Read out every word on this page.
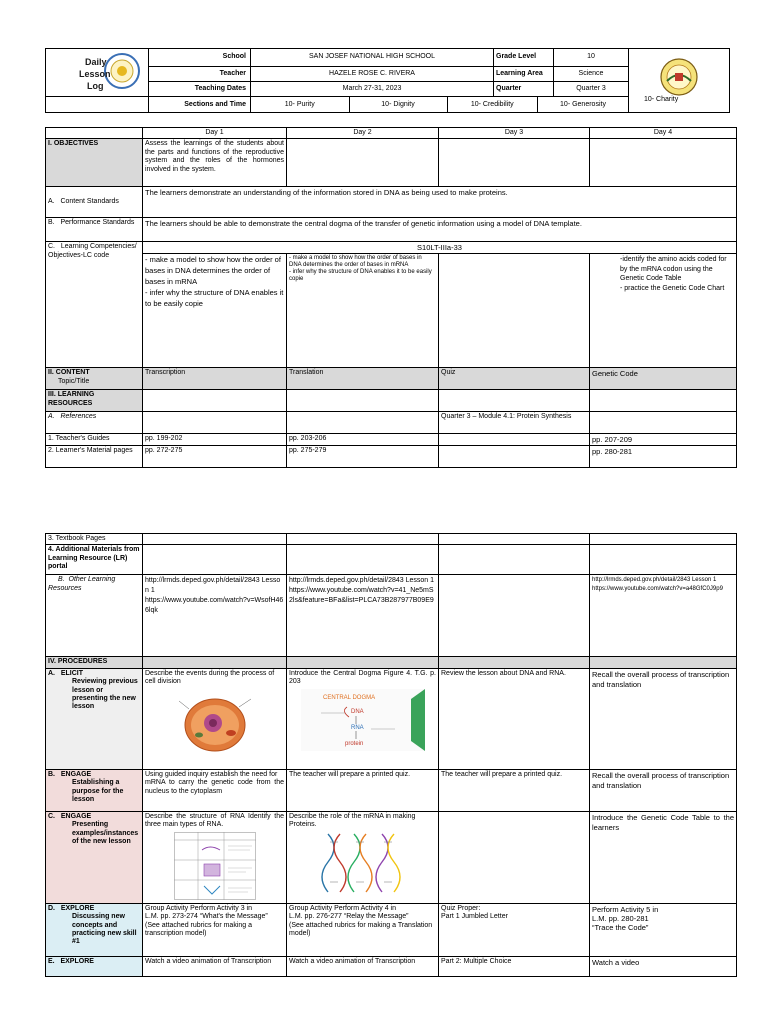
Daily
Lesson
Log
	School	SAN JOSEF NATIONAL HIGH SCHOOL	Grade Level	10	
Teacher	HAZELE ROSE C. RIVERA	Learning Area	Science
Teaching Dates	March 27-31, 2023	Quarter	Quarter 3
	Sections and Time		10- Purity	10- Dignity	10- Credibility	10- Generosity
10- Charity
	Day 1	Day 2	Day 3	Day 4
I. OBJECTIVES	Assess the learnings of the students about the parts and functions of the reproductive system and the roles of the hormones involved in the system.			
A. Content Standards	The learners demonstrate an understanding of the information stored in DNA as being used to make proteins.			
B. Performance Standards	The learners should be able to demonstrate the central dogma of the transfer of genetic information using a model of DNA template.			
C. Learning Competencies/ Objectives-LC code	S10LT-IIIa-33			
	- make a model to show how the order of bases in DNA determines the order of bases in mRNA
- infer why the structure of DNA enables it to be easily copie	- make a model to show how the order of bases in DNA determines the order of bases in mRNA
- infer why the structure of DNA enables it to be easily copie		-identify the amino acids coded for by the mRNA codon using the Genetic Code Table
- practice the Genetic Code Chart
II. CONTENT
Topic/Title	Transcription	Translation	Quiz	Genetic Code
III. LEARNING RESOURCES				
A. References			Quarter 3 – Module 4.1: Protein Synthesis	
1. Teacher's Guides	pp. 199-202	pp. 203-206		pp. 207-209
2. Learner's Material pages	pp. 272-275	pp. 275-279		pp. 280-281
3. Textbook Pages				
4. Additional Materials from Learning Resource (LR) portal				
B. Other Learning Resources	http://lrmds.deped.gov.ph/detail/2843 Lesson 1
https://www.youtube.com/watch?v=WsofH466lqk	http://lrmds.deped.gov.ph/detail/2843 Lesson 1https://www.youtube.com/watch?v=41_Ne5mS2ls&feature=BFa&list=PLCA73B287977B09E9		http://lrmds.deped.gov.ph/detail/2843 Lesson 1
https://www.youtube.com/watch?v=a48GfC0J9p9
IV. PROCEDURES				
A. ELICIT
Reviewing previous lesson or presenting the new lesson	Describe the events during the process of
cell division	Introduce the Central Dogma Figure 4. T.G. p. 203
CENTRAL DOGMA
DNA
RNA
protein	Review the lesson about DNA and RNA.	Recall the overall process of transcription and translation
B. ENGAGE
Establishing a purpose for the lesson	Using guided inquiry establish the need for
mRNA to carry the genetic code from the nucleus to the cytoplasm	The teacher will prepare a printed quiz.	The teacher will prepare a printed quiz.	Recall the overall process of transcription and translation
C. ENGAGE
Presenting examples/instances of the new lesson	Describe the structure of RNA Identify the three main types of RNA.	Describe the role of the mRNA in making Proteins.		Introduce the Genetic Code Table to the learners
D. EXPLORE
Discussing new concepts and practicing new skill #1	Group Activity Perform Activity 3 in
L.M. pp. 273-274 “What's the Message”
(See attached rubrics for making a transcription model)	Group Activity Perform Activity 4 in
L.M. pp. 276-277 “Relay the Message”
(See attached rubrics for making a Translation model)	Quiz Proper:
Part 1 Jumbled Letter	Perform Activity 5 in
L.M. pp. 280-281
“Trace the Code”
E. EXPLORE	Watch a video animation of Transcription	Watch a video animation of Transcription	Part 2: Multiple Choice	Watch a video
